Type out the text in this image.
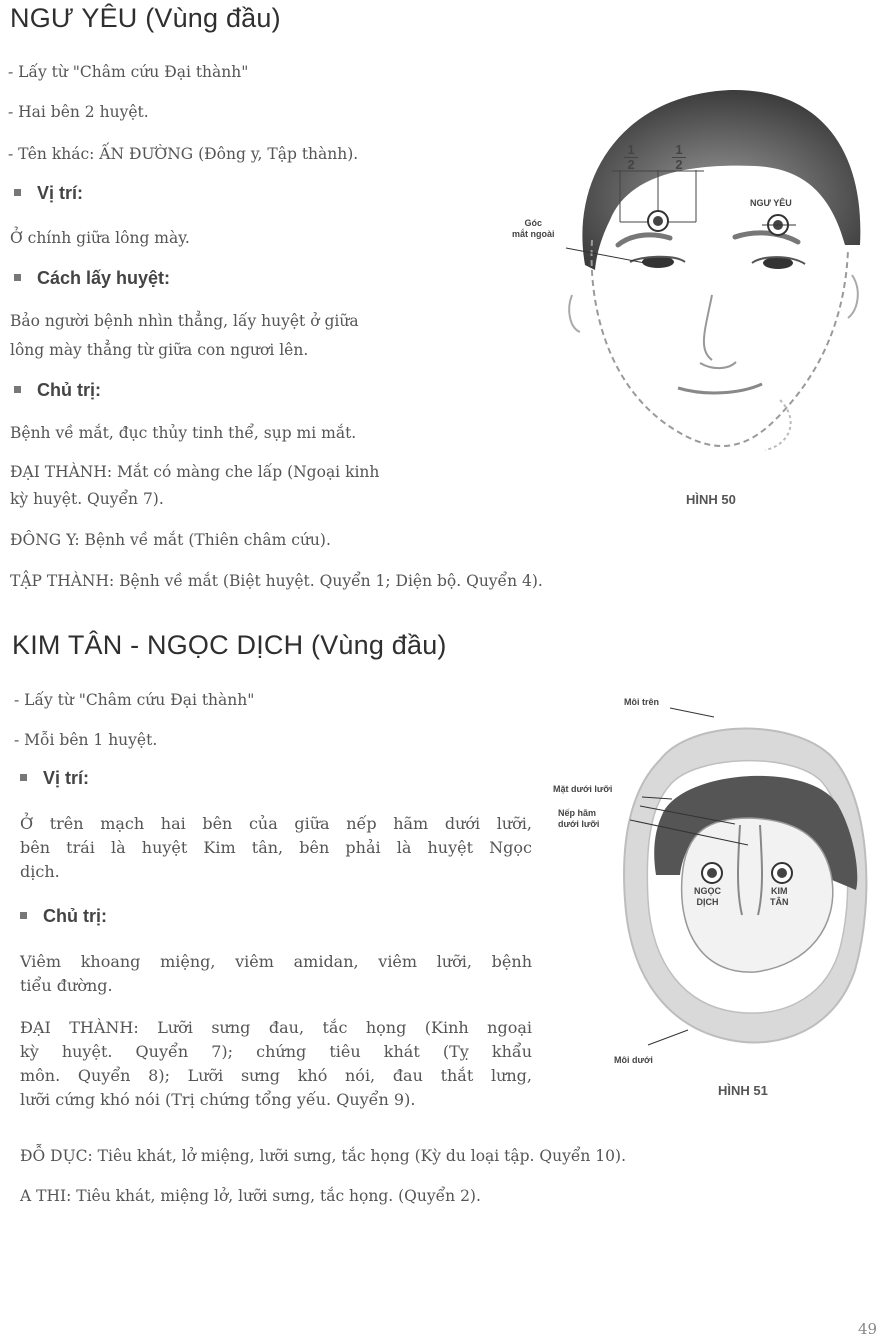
NGƯ YÊU (Vùng đầu)
- Lấy từ "Châm cứu Đại thành"
- Hai bên 2 huyệt.
- Tên khác: ẤN ĐƯỜNG (Đông y, Tập thành).
Vị trí:
Ở chính giữa lông mày.
Cách lấy huyệt:
Bảo người bệnh nhìn thẳng, lấy huyệt ở giữa
lông mày thẳng từ giữa con ngươi lên.
Chủ trị:
Bệnh về mắt, đục thủy tinh thể, sụp mi mắt.
ĐẠI THÀNH: Mắt có màng che lấp (Ngoại kinh
kỳ huyệt. Quyển 7).
ĐÔNG Y: Bệnh về mắt (Thiên châm cứu).
TẬP THÀNH: Bệnh về mắt (Biệt huyệt. Quyển 1; Diện bộ. Quyển 4).
1
2
1
2
NGƯ YÊU
Góc
mắt ngoài
HÌNH 50
KIM TÂN - NGỌC DỊCH (Vùng đầu)
- Lấy từ "Châm cứu Đại thành"
- Mỗi bên 1 huyệt.
Vị trí:
Ở trên mạch hai bên của giữa nếp hãm dưới lưỡi,
bên trái là huyệt Kim tân, bên phải là huyệt Ngọc
dịch.
Chủ trị:
Viêm khoang miệng, viêm amidan, viêm lưỡi, bệnh
tiểu đường.
ĐẠI THÀNH: Lưỡi sưng đau, tắc họng (Kinh ngoại
kỳ huyệt. Quyển 7); chứng tiêu khát (Tỵ khẩu
môn. Quyển 8); Lưỡi sưng khó nói, đau thắt lưng,
lưỡi cứng khó nói (Trị chứng tổng yếu. Quyển 9).
ĐỖ DỤC: Tiêu khát, lở miệng, lưỡi sưng, tắc họng (Kỳ du loại tập. Quyển 10).
A THI: Tiêu khát, miệng lở, lưỡi sưng, tắc họng. (Quyển 2).
Môi trên
Mặt dưới lưỡi
Nếp hãm
dưới lưỡi
NGỌC
DỊCH
KIM
TÂN
Môi dưới
HÌNH 51
49
